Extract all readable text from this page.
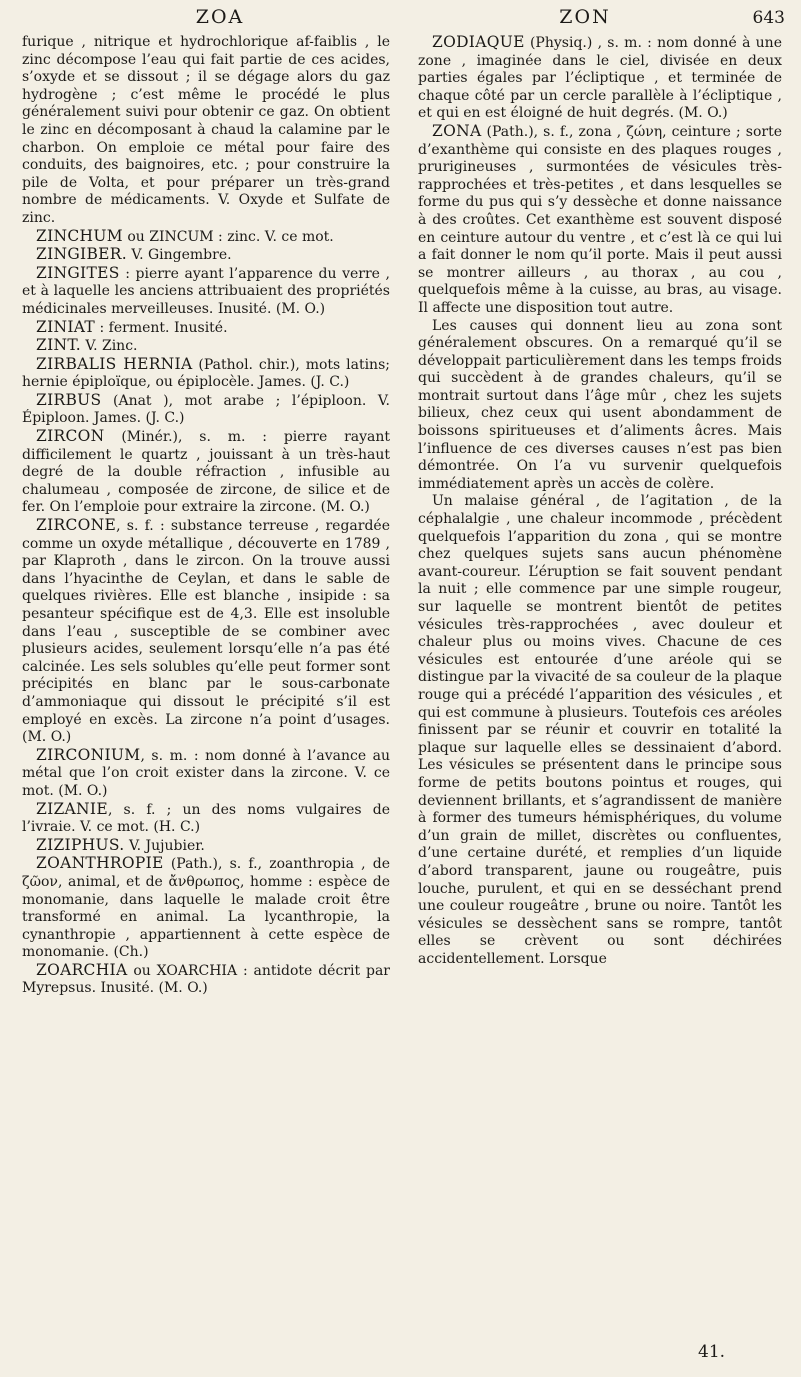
ZOA	ZON	643

furique , nitrique et hydrochlorique af-faiblis , le zinc décompose l’eau qui fait partie de ces acides, s’oxyde et se dissout ; il se dégage alors du gaz hydrogène ; c’est même le procédé le plus généralement suivi pour obtenir ce gaz. On obtient le zinc en décomposant à chaud la calamine par le charbon. On emploie ce métal pour faire des conduits, des baignoires, etc. ; pour construire la pile de Volta, et pour préparer un très-grand nombre de médicaments. V. Oxyde et Sulfate de zinc.

ZINCHUM ou ZINCUM : zinc. V. ce mot.

ZINGIBER. V. Gingembre.

ZINGITES : pierre ayant l’apparence du verre , et à laquelle les anciens attribuaient des propriétés médicinales merveilleuses. Inusité. (M. O.)

ZINIAT : ferment. Inusité.

ZINT. V. Zinc.

ZIRBALIS HERNIA (Pathol. chir.), mots latins; hernie épiploïque, ou épiplocèle. James. (J. C.)

ZIRBUS (Anat ), mot arabe ; l’épiploon. V. Épiploon. James. (J. C.)

ZIRCON (Minér.), s. m. : pierre rayant difficilement le quartz , jouissant à un très-haut degré de la double réfraction , infusible au chalumeau , composée de zircone, de silice et de fer. On l’emploie pour extraire la zircone. (M. O.)

ZIRCONE, s. f. : substance terreuse , regardée comme un oxyde métallique , découverte en 1789 , par Klaproth , dans le zircon. On la trouve aussi dans l’hyacinthe de Ceylan, et dans le sable de quelques rivières. Elle est blanche , insipide : sa pesanteur spécifique est de 4,3. Elle est insoluble dans l’eau , susceptible de se combiner avec plusieurs acides, seulement lorsqu’elle n’a pas été calcinée. Les sels solubles qu’elle peut former sont précipités en blanc par le sous-carbonate d’ammoniaque qui dissout le précipité s’il est employé en excès. La zircone n’a point d’usages. (M. O.)

ZIRCONIUM, s. m. : nom donné à l’avance au métal que l’on croit exister dans la zircone. V. ce mot. (M. O.)

ZIZANIE, s. f. ; un des noms vulgaires de l’ivraie. V. ce mot. (H. C.)

ZIZIPHUS. V. Jujubier.

ZOANTHROPIE (Path.), s. f., zoanthropia , de ζῶον, animal, et de ἄνθρωπος, homme : espèce de monomanie, dans laquelle le malade croit être transformé en animal. La lycanthropie, la cynanthropie , appartiennent à cette espèce de monomanie. (Ch.)

ZOARCHIA ou XOARCHIA : antidote décrit par Myrepsus. Inusité. (M. O.)

ZODIAQUE (Physiq.) , s. m. : nom donné à une zone , imaginée dans le ciel, divisée en deux parties égales par l’écliptique , et terminée de chaque côté par un cercle parallèle à l’écliptique , et qui en est éloigné de huit degrés. (M. O.)

ZONA (Path.), s. f., zona , ζώνη, ceinture ; sorte d’exanthème qui consiste en des plaques rouges , prurigineuses , surmontées de vésicules très-rapprochées et très-petites , et dans lesquelles se forme du pus qui s’y dessèche et donne naissance à des croûtes. Cet exanthème est souvent disposé en ceinture autour du ventre , et c’est là ce qui lui a fait donner le nom qu’il porte. Mais il peut aussi se montrer ailleurs , au thorax , au cou , quelquefois même à la cuisse, au bras, au visage. Il affecte une disposition tout autre.

Les causes qui donnent lieu au zona sont généralement obscures. On a remarqué qu’il se développait particulièrement dans les temps froids qui succèdent à de grandes chaleurs, qu’il se montrait surtout dans l’âge mûr , chez les sujets bilieux, chez ceux qui usent abondamment de boissons spiritueuses et d’aliments âcres. Mais l’influence de ces diverses causes n’est pas bien démontrée. On l’a vu survenir quelquefois immédiatement après un accès de colère.

Un malaise général , de l’agitation , de la céphalalgie , une chaleur incommode , précèdent quelquefois l’apparition du zona , qui se montre chez quelques sujets sans aucun phénomène avant-coureur. L’éruption se fait souvent pendant la nuit ; elle commence par une simple rougeur, sur laquelle se montrent bientôt de petites vésicules très-rapprochées , avec douleur et chaleur plus ou moins vives. Chacune de ces vésicules est entourée d’une aréole qui se distingue par la vivacité de sa couleur de la plaque rouge qui a précédé l’apparition des vésicules , et qui est commune à plusieurs. Toutefois ces aréoles finissent par se réunir et couvrir en totalité la plaque sur laquelle elles se dessinaient d’abord. Les vésicules se présentent dans le principe sous forme de petits boutons pointus et rouges, qui deviennent brillants, et s’agrandissent de manière à former des tumeurs hémisphériques, du volume d’un grain de millet, discrètes ou confluentes, d’une certaine durété, et remplies d’un liquide d’abord transparent, jaune ou rougeâtre, puis louche, purulent, et qui en se desséchant prend une couleur rougeâtre , brune ou noire. Tantôt les vésicules se dessèchent sans se rompre, tantôt elles se crèvent ou sont déchirées accidentellement. Lorsque

41.
